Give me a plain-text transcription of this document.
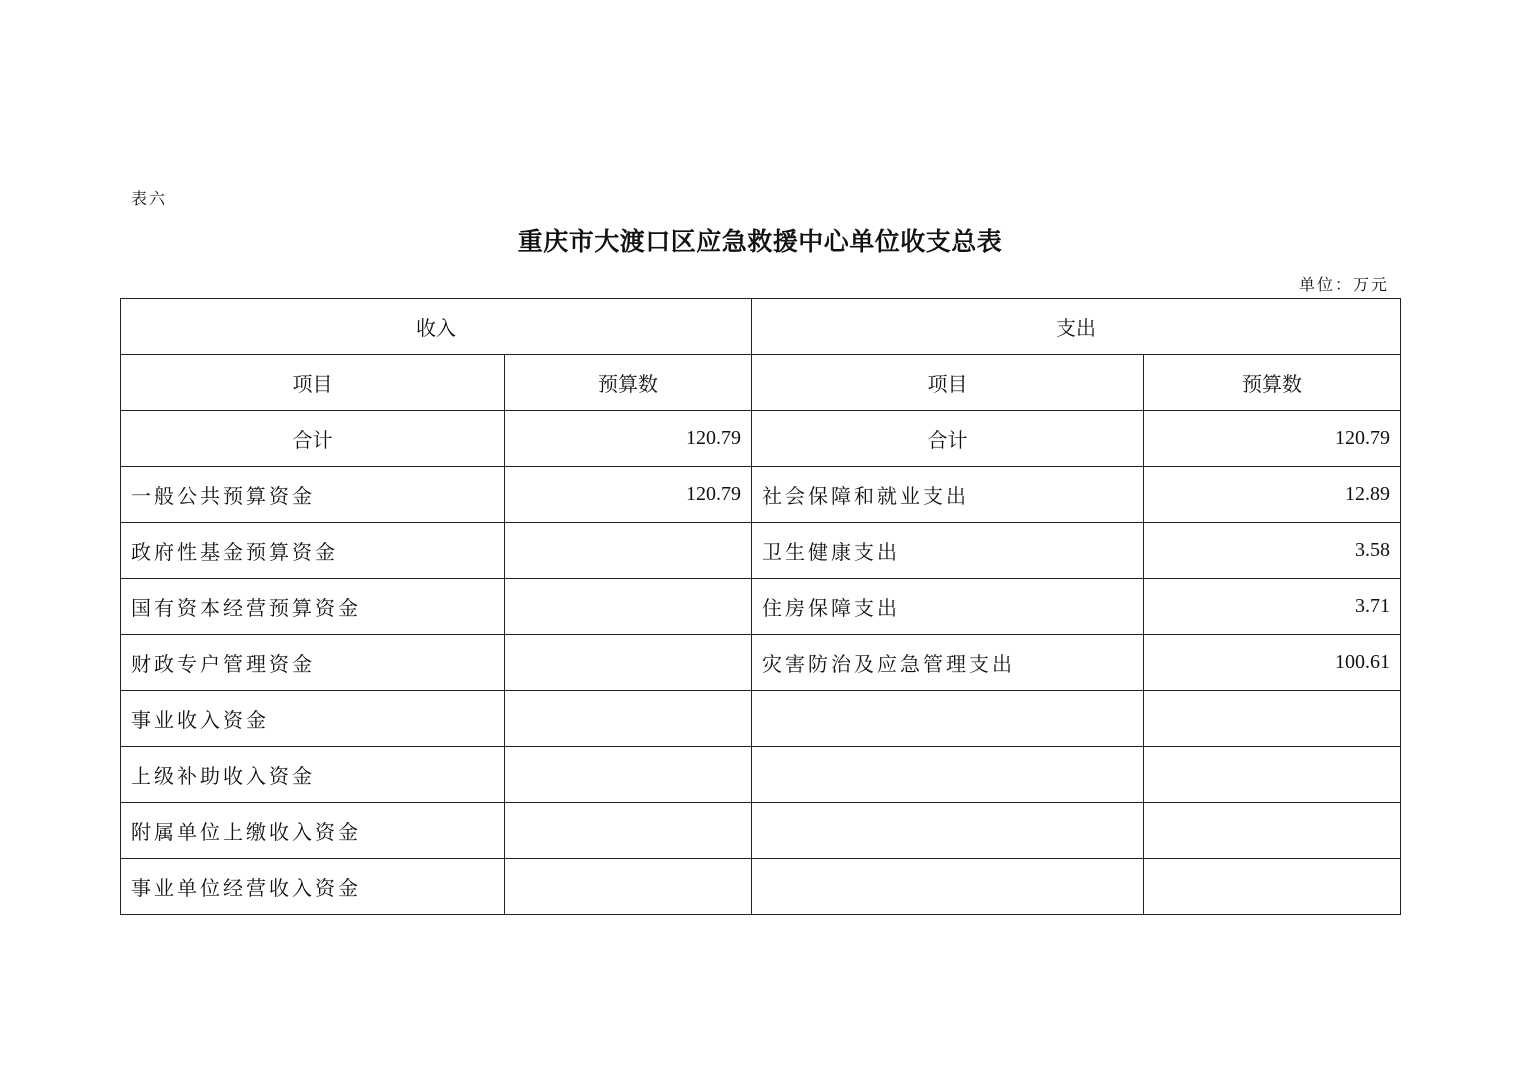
表六
重庆市大渡口区应急救援中心单位收支总表
单位：万元
收入		支出	
项目	预算数	项目	预算数
合计	120.79	合计	120.79
一般公共预算资金	120.79	社会保障和就业支出	12.89
政府性基金预算资金		卫生健康支出	3.58
国有资本经营预算资金		住房保障支出	3.71
财政专户管理资金		灾害防治及应急管理支出	100.61
事业收入资金			
上级补助收入资金			
附属单位上缴收入资金			
事业单位经营收入资金			
